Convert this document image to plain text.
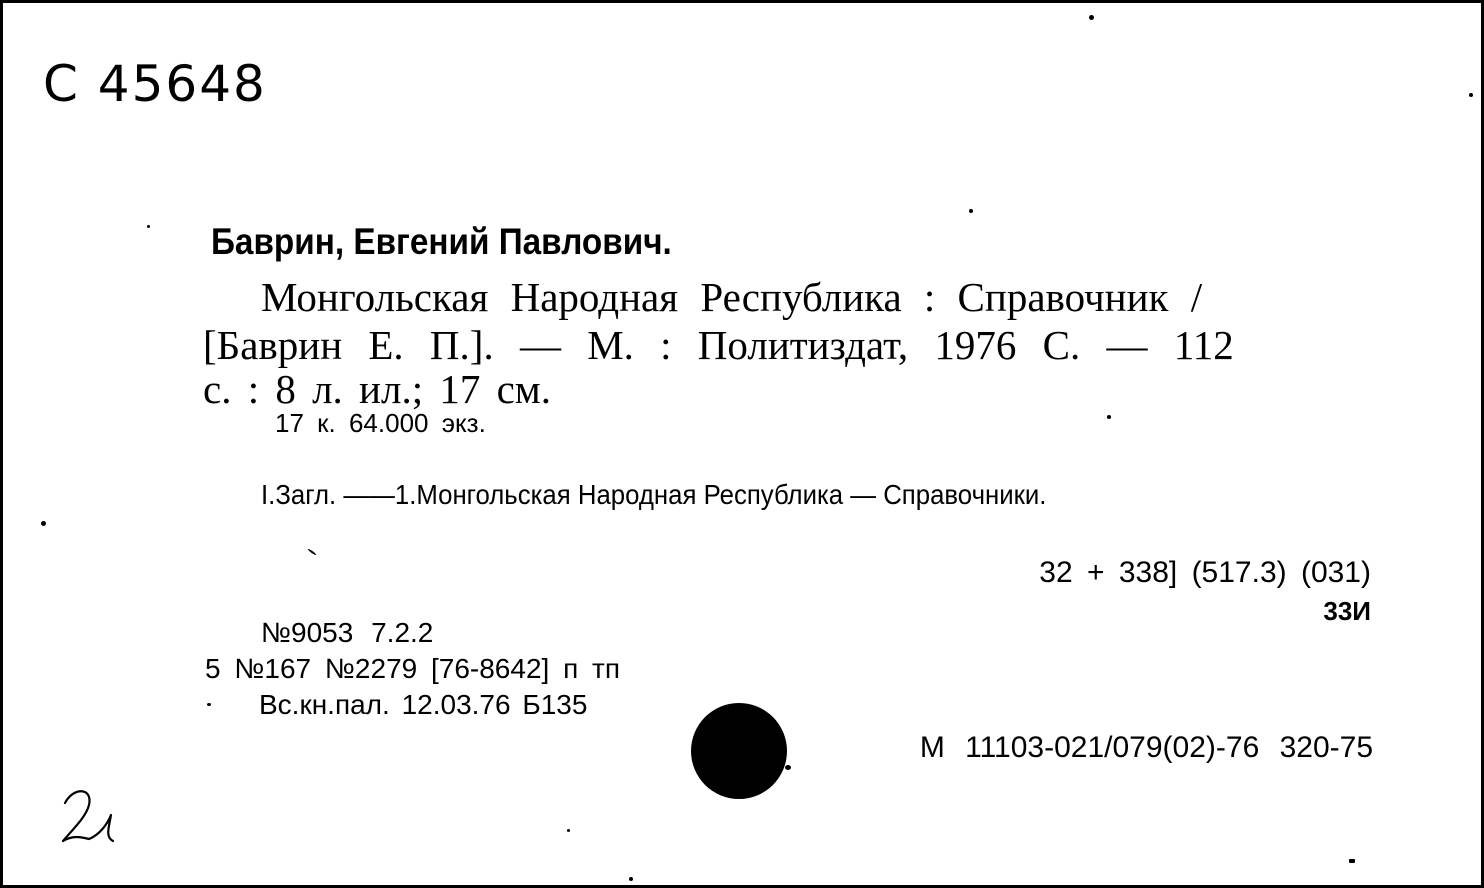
С 45648
Баврин, Евгений Павлович.
Монгольская Народная Республика : Справочник /
[Баврин Е. П.]. — М. : Политиздат, 1976 С. — 112
с. : 8 л. ил.; 17 см.
17 к. 64.000 экз.
I.Загл. ——1.Монгольская Народная Республика — Справочники.
32 + 338] (517.3) (031)
33И
№9053 7.2.2
5 №167 №2279 [76-8642] п тп
Вс.кн.пал. 12.03.76 Б135
М 11103-021/079(02)-76 320-75
